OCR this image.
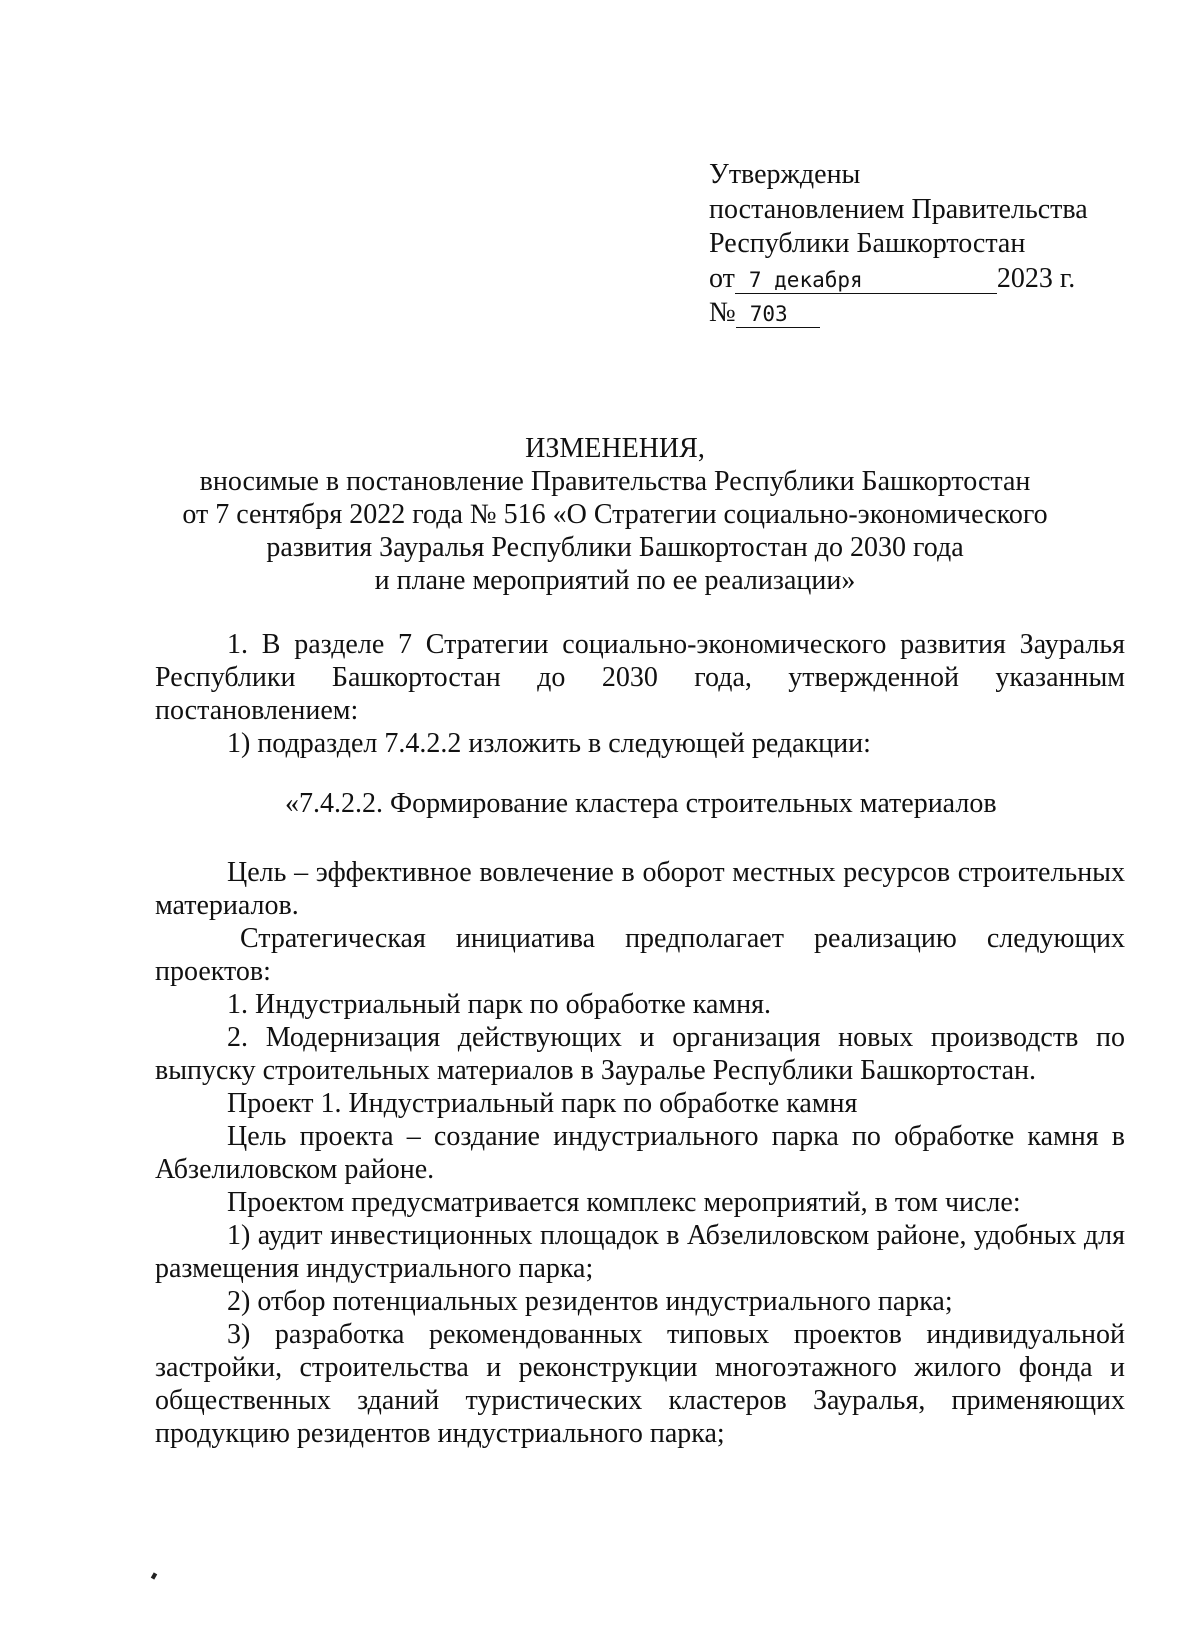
Утверждены
постановлением Правительства
Республики Башкортостан
от 7 декабря	2023 г.
№ 703
ИЗМЕНЕНИЯ,
вносимые в постановление Правительства Республики Башкортостан
от 7 сентября 2022 года № 516 «О Стратегии социально-экономического
развития Зауралья Республики Башкортостан до 2030 года
и плане мероприятий по ее реализации»

1. В разделе 7 Стратегии социально-экономического развития Зауралья Республики Башкортостан до 2030 года, утвержденной указанным постановлением:

1) подраздел 7.4.2.2 изложить в следующей редакции:

«7.4.2.2. Формирование кластера строительных материалов

Цель – эффективное вовлечение в оборот местных ресурсов строительных материалов.

Стратегическая инициатива предполагает реализацию следующих проектов:

1. Индустриальный парк по обработке камня.

2. Модернизация действующих и организация новых производств по выпуску строительных материалов в Зауралье Республики Башкортостан.

Проект 1. Индустриальный парк по обработке камня

Цель проекта – создание индустриального парка по обработке камня в Абзелиловском районе.

Проектом предусматривается комплекс мероприятий, в том числе:

1) аудит инвестиционных площадок в Абзелиловском районе, удобных для размещения индустриального парка;

2) отбор потенциальных резидентов индустриального парка;

3) разработка рекомендованных типовых проектов индивидуальной застройки, строительства и реконструкции многоэтажного жилого фонда и общественных зданий туристических кластеров Зауралья, применяющих продукцию резидентов индустриального парка;
